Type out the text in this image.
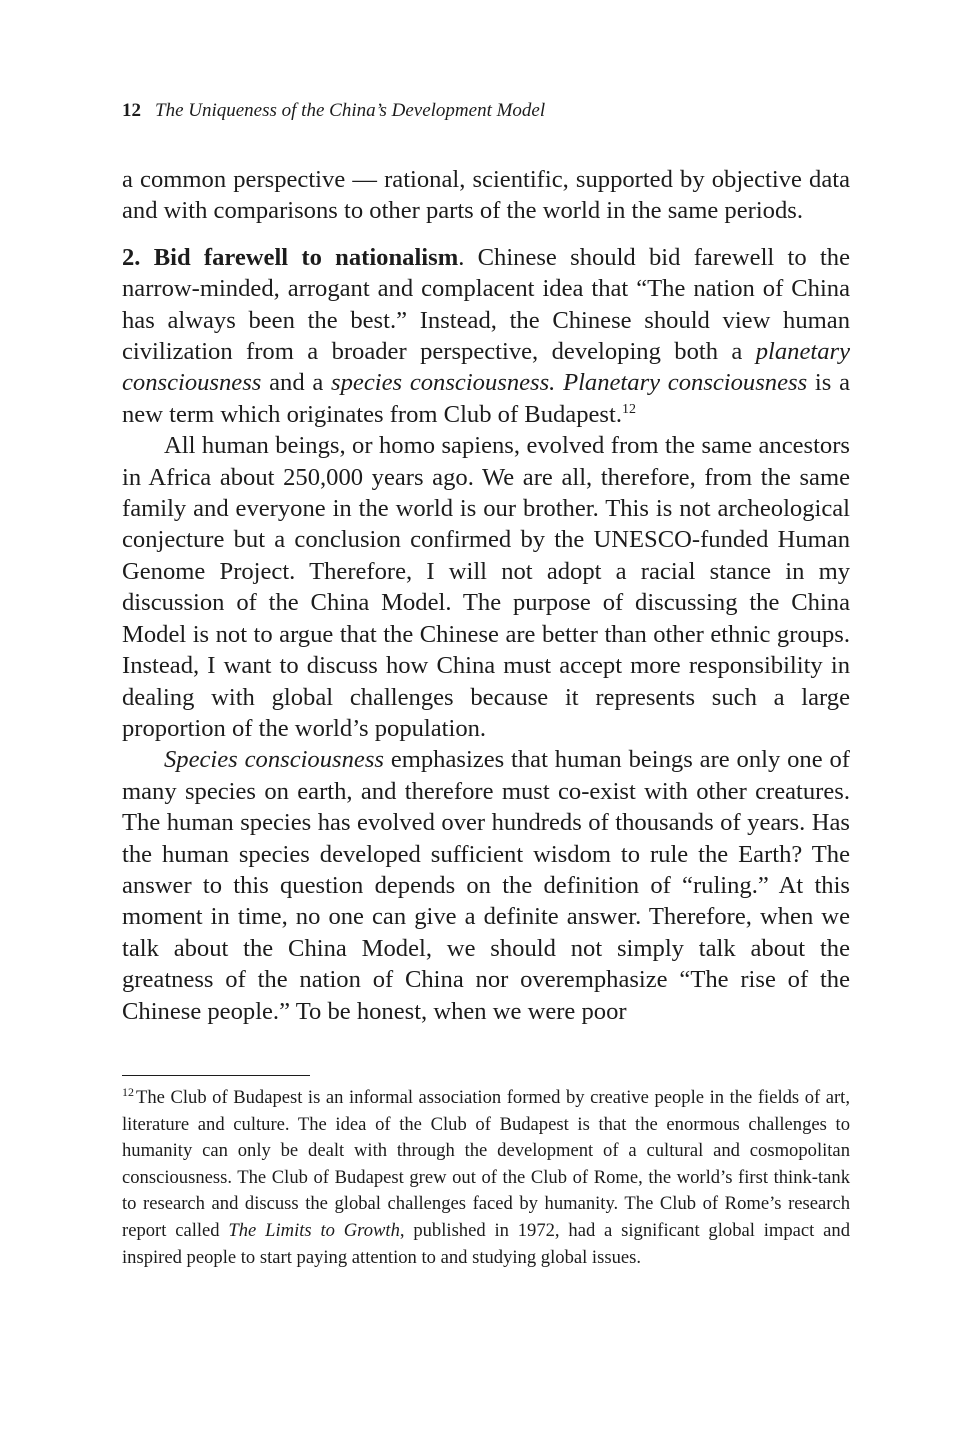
12 The Uniqueness of the China’s Development Model

a common perspective — rational, scientific, supported by objective data and with comparisons to other parts of the world in the same periods.

2. Bid farewell to nationalism. Chinese should bid farewell to the narrow-minded, arrogant and complacent idea that “The nation of China has always been the best.” Instead, the Chinese should view human civilization from a broader perspective, developing both a planetary consciousness and a species consciousness. Planetary consciousness is a new term which originates from Club of Budapest.$^{12}$

All human beings, or homo sapiens, evolved from the same ancestors in Africa about 250,000 years ago. We are all, therefore, from the same family and everyone in the world is our brother. This is not archeological conjecture but a conclusion confirmed by the UNESCO-funded Human Genome Project. Therefore, I will not adopt a racial stance in my discussion of the China Model. The purpose of discussing the China Model is not to argue that the Chinese are better than other ethnic groups. Instead, I want to discuss how China must accept more responsibility in dealing with global challenges because it represents such a large proportion of the world’s population.

Species consciousness emphasizes that human beings are only one of many species on earth, and therefore must co-exist with other creatures. The human species has evolved over hundreds of thousands of years. Has the human species developed sufficient wisdom to rule the Earth? The answer to this question depends on the definition of “ruling.” At this moment in time, no one can give a definite answer. Therefore, when we talk about the China Model, we should not simply talk about the greatness of the nation of China nor overemphasize “The rise of the Chinese people.” To be honest, when we were poor

$^{12}$ The Club of Budapest is an informal association formed by creative people in the fields of art, literature and culture. The idea of the Club of Budapest is that the enormous challenges to humanity can only be dealt with through the development of a cultural and cosmopolitan consciousness. The Club of Budapest grew out of the Club of Rome, the world’s first think-tank to research and discuss the global challenges faced by humanity. The Club of Rome’s research report called The Limits to Growth, published in 1972, had a significant global impact and inspired people to start paying attention to and studying global issues.
